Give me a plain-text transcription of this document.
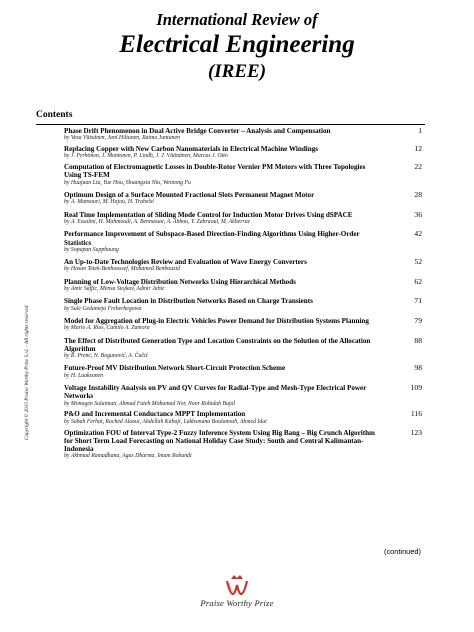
International Review of
Electrical Engineering
(IREE)
Contents
Copyright © 2015 Praise Worthy Prize S.r.l. - All rights reserved
Phase Drift Phenomenon in Dual Active Bridge Converter – Analysis and Compensation
by Vesa Väisänen, Jani Hiltunen, Raimo Juntunen
1
Replacing Copper with New Carbon Nanomaterials in Electrical Machine Windings
by J. Pyrhönen, J. Montonen, P. Lindh, J. J. Väänänen, Marcus J. Otto
12
Computation of Electromagnetic Losses in Double-Rotor Vernier PM Motors with Three Topologies Using TS-FEM
by Huajuan Liu, Yue Hou, Shuangxia Niu, Weinong Fu
22
Optimum Design of a Surface Mounted Fractional Slots Permanent Magnet Motor
by A. Mansouri, M. Hajou, H. Trabelsi
28
Real Time Implementation of Sliding Mode Control for Induction Motor Drives Using dSPACE
by A. Essalmi, H. Mahmoudi, A. Bennassar, A. Abbou, Y. Zahraoui, M. Akherraz
36
Performance Improvement of Subspace-Based Direction-Finding Algorithms Using Higher-Order Statistics
by Sopapan Supphaung
42
An Up-to-Date Technologies Review and Evaluation of Wave Energy Converters
by Hasan Tetek-Benhoussef, Mohamed Benbouzid
52
Planning of Low-Voltage Distribution Networks Using Hierarchical Methods
by Amir Saffic, Mensa Stojkov, Admir Jahic
62
Single Phase Fault Location in Distribution Networks Based on Charge Transients
by Sule Gedamejo Freberhegowa
71
Model for Aggregation of Plug-in Electric Vehicles Power Demand for Distribution Systems Planning
by Mario A. Ríos, Camilo A. Zamora
79
The Effect of Distributed Generation Type and Location Constraints on the Solution of the Allocation Algorithm
by R. Prenc, N. Bogunović, A. Čučić
88
Future-Proof MV Distribution Network Short-Circuit Protection Scheme
by H. Laaksonen
98
Voltage Instability Analysis on PV and QV Curves for Radial-Type and Mesh-Type Electrical Power Networks
by Monagen Sulaiman, Ahmad Fateh Mohamad Nor, Noor Rohidah Bujal
109
P&O and Incremental Conductance MPPT Implementation
by Sabah Ferhat, Rached Alaoui, Abdellah Kabaji, Lakhsmana Boulanouh, Ahmed Idai
116
Optimization FOU of Interval Type-2 Fuzzy Inference System Using Big Bang – Big Crunch Algorithm for Short Term Load Forecasting on National Holiday Case Study: South and Central Kalimantan-Indonesia
by Akhmad Ramadhana, Agus Dharma, Imam Robandi
123
(continued)
Praise Worthy Prize
